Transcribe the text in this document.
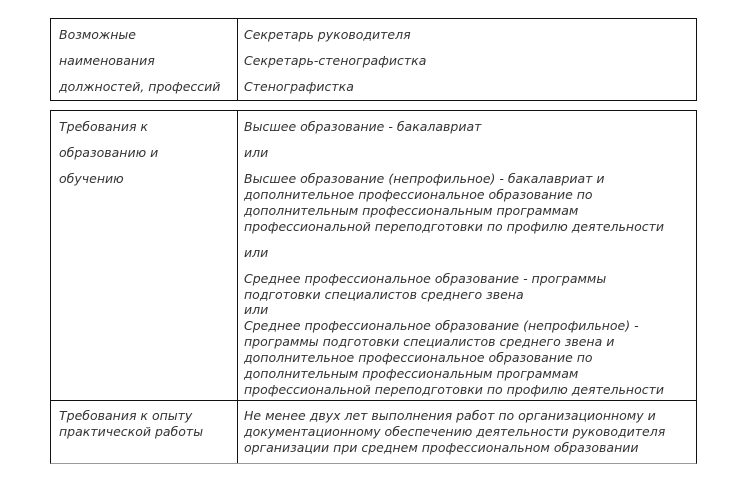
Возможные
наименования
должностей, профессий
Секретарь руководителя
Секретарь-стенографистка
Стенографистка
Требования к
образованию и
обучению
Высшее образование - бакалавриат
или
Высшее образование (непрофильное) - бакалавриат и
дополнительное профессиональное образование по
дополнительным профессиональным программам
профессиональной переподготовки по профилю деятельности
или
Среднее профессиональное образование - программы
подготовки специалистов среднего звена
или
Среднее профессиональное образование (непрофильное) -
программы подготовки специалистов среднего звена и
дополнительное профессиональное образование по
дополнительным профессиональным программам
профессиональной переподготовки по профилю деятельности
Требования к опыту
практической работы
Не менее двух лет выполнения работ по организационному и
документационному обеспечению деятельности руководителя
организации при среднем профессиональном образовании
